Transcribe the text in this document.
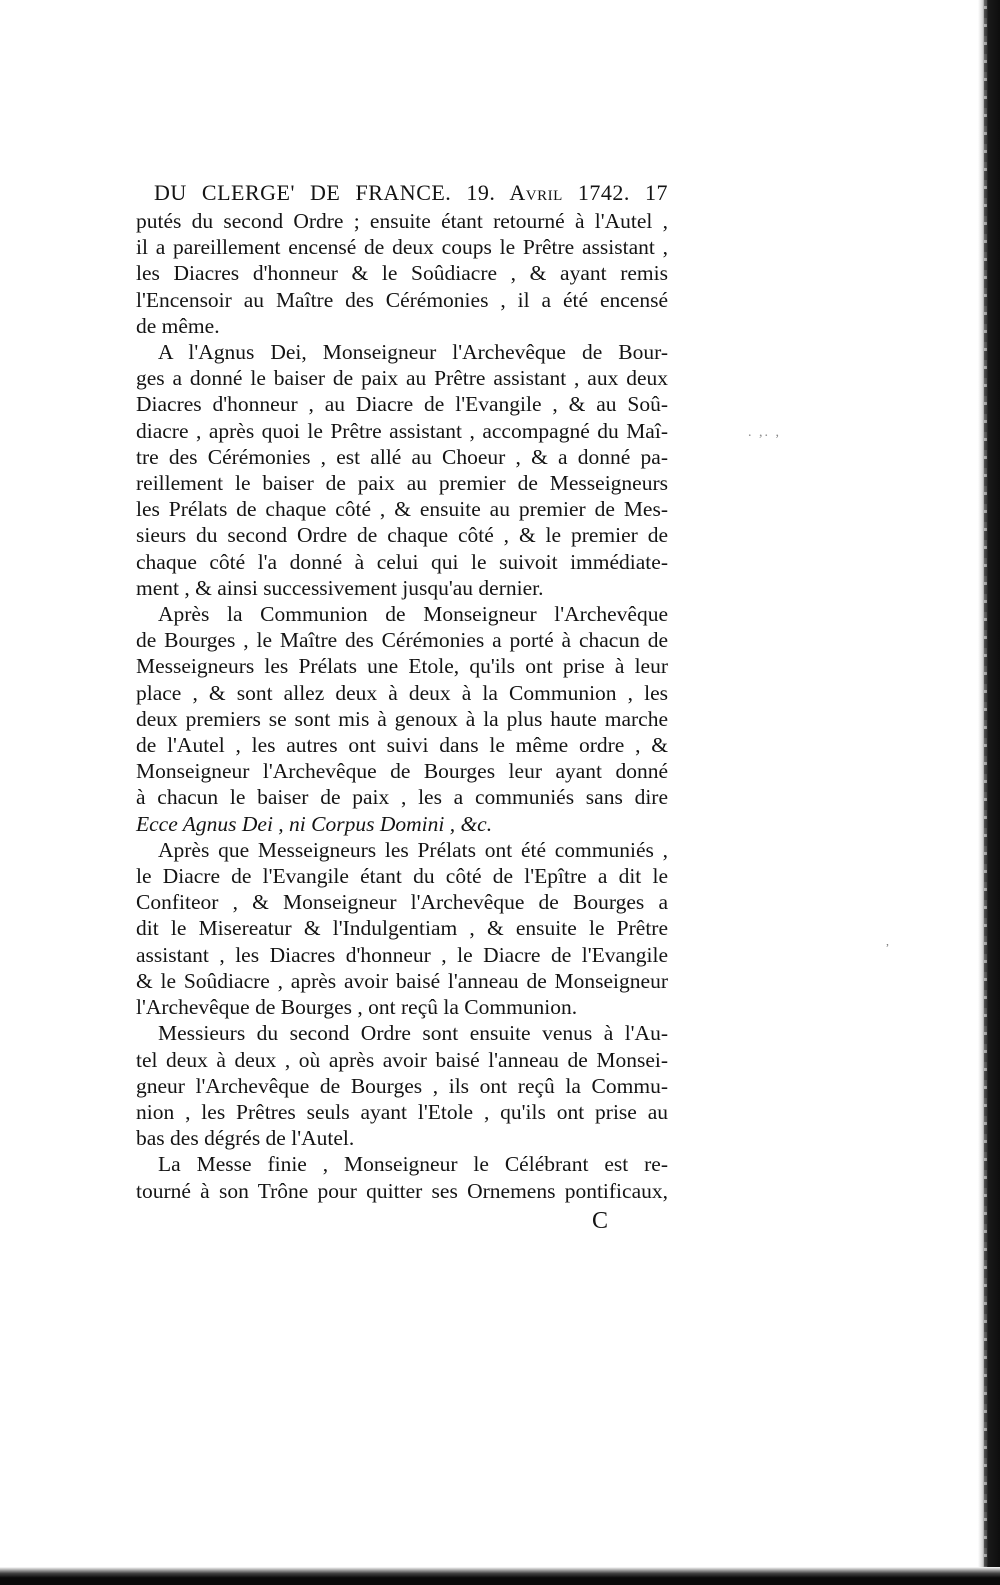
. ,. ,
,
DU CLERGE' DE FRANCE. 19. Avril 1742. 17
putés du second Ordre ; ensuite étant retourné à l'Autel ,
il a pareillement encensé de deux coups le Prêtre assistant ,
les Diacres d'honneur & le Soûdiacre , & ayant remis
l'Encensoir au Maître des Cérémonies , il a été encensé
de même.
A l'Agnus Dei, Monseigneur l'Archevêque de Bour-
ges a donné le baiser de paix au Prêtre assistant , aux deux
Diacres d'honneur , au Diacre de l'Evangile , & au Soû-
diacre , après quoi le Prêtre assistant , accompagné du Maî-
tre des Cérémonies , est allé au Choeur , & a donné pa-
reillement le baiser de paix au premier de Messeigneurs
les Prélats de chaque côté , & ensuite au premier de Mes-
sieurs du second Ordre de chaque côté , & le premier de
chaque côté l'a donné à celui qui le suivoit immédiate-
ment , & ainsi successivement jusqu'au dernier.
Après la Communion de Monseigneur l'Archevêque
de Bourges , le Maître des Cérémonies a porté à chacun de
Messeigneurs les Prélats une Etole, qu'ils ont prise à leur
place , & sont allez deux à deux à la Communion , les
deux premiers se sont mis à genoux à la plus haute marche
de l'Autel , les autres ont suivi dans le même ordre , &
Monseigneur l'Archevêque de Bourges leur ayant donné
à chacun le baiser de paix , les a communiés sans dire
Ecce Agnus Dei , ni Corpus Domini , &c.
Après que Messeigneurs les Prélats ont été communiés ,
le Diacre de l'Evangile étant du côté de l'Epître a dit le
Confiteor , & Monseigneur l'Archevêque de Bourges a
dit le Misereatur & l'Indulgentiam , & ensuite le Prêtre
assistant , les Diacres d'honneur , le Diacre de l'Evangile
& le Soûdiacre , après avoir baisé l'anneau de Monseigneur
l'Archevêque de Bourges , ont reçû la Communion.
Messieurs du second Ordre sont ensuite venus à l'Au-
tel deux à deux , où après avoir baisé l'anneau de Monsei-
gneur l'Archevêque de Bourges , ils ont reçû la Commu-
nion , les Prêtres seuls ayant l'Etole , qu'ils ont prise au
bas des dégrés de l'Autel.
La Messe finie , Monseigneur le Célébrant est re-
tourné à son Trône pour quitter ses Ornemens pontificaux,
C
